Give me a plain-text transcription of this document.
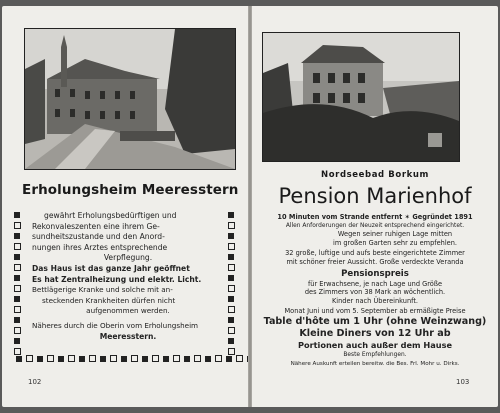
Erholungsheim Meeresstern
gewährt Erholungsbedürftigen und
Rekonvaleszenten eine ihrem Ge-
sundheitszustande und den Anord-
nungen ihres Arztes entsprechende
Verpflegung.
Das Haus ist das ganze Jahr geöffnet
Es hat Zentralheizung und elektr. Licht.
Bettlägerige Kranke und solche mit an-
steckenden Krankheiten dürfen nicht
aufgenommen werden.
Näheres durch die Oberin vom Erholungsheim
Meeresstern.
102
Nordseebad Borkum
Pension Marienhof
10 Minuten vom Strande entfernt ✶ Gegründet 1891
Allen Anforderungen der Neuzeit entsprechend eingerichtet.
Wegen seiner ruhigen Lage mitten
im großen Garten sehr zu empfehlen.
32 große, luftige und aufs beste eingerichtete Zimmer
mit schöner freier Aussicht. Große verdeckte Veranda
Pensionspreis
für Erwachsene, je nach Lage und Größe
des Zimmers von 38 Mark an wöchentlich.
Kinder nach Übereinkunft.
Monat Juni und vom 5. September ab ermäßigte Preise
Table d'hôte um 1 Uhr (ohne Weinzwang)
Kleine Diners von 12 Uhr ab
Portionen auch außer dem Hause
Beste Empfehlungen.
Nähere Auskunft erteilen bereitw. die Bes. Frl. Mohr u. Dirks.
103
